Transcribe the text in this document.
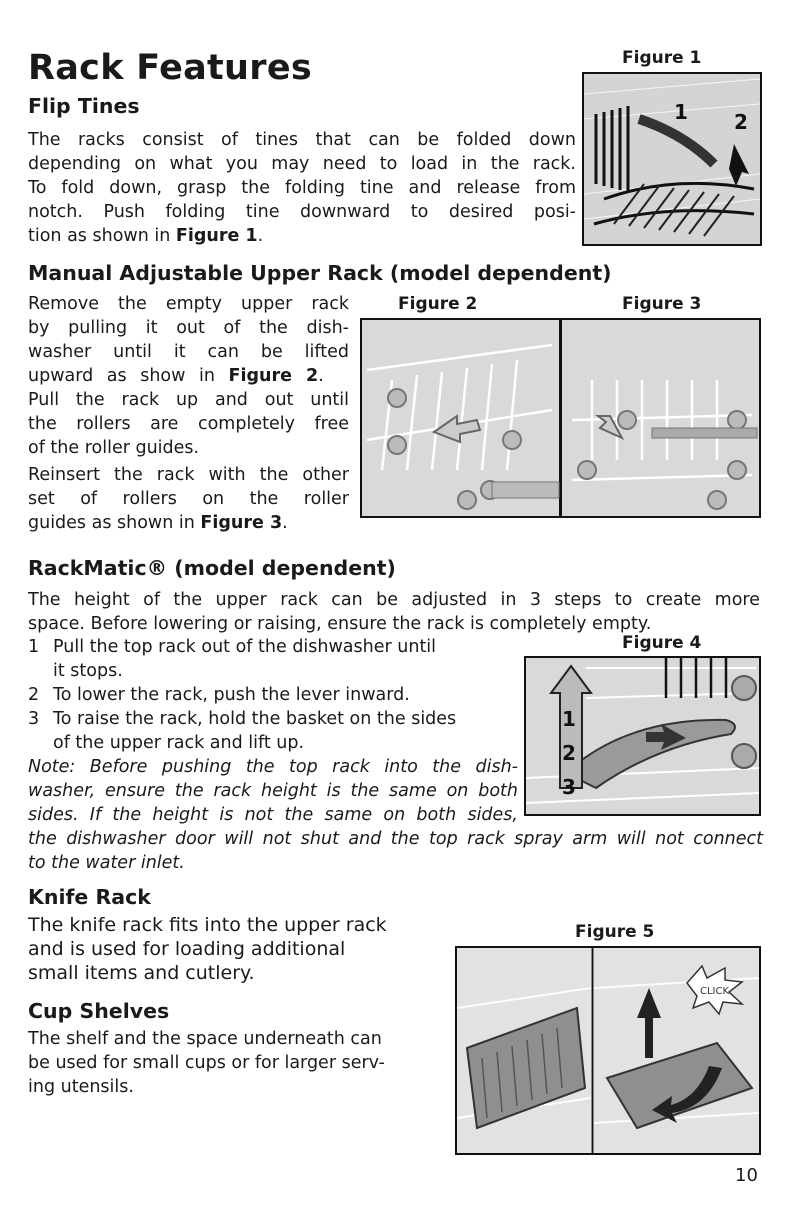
Rack Features
Flip Tines
The racks consist of tines that can be folded down
depending on what you may need to load in the rack.
To fold down, grasp the folding tine and release from
notch. Push folding tine downward to desired posi-
tion as shown in Figure 1.
Figure 1
1 2
Manual Adjustable Upper Rack (model dependent)
Remove the empty upper rack
by pulling it out of the dish-
washer until it can be lifted
upward as show in Figure 2.
Pull the rack up and out until
the rollers are completely free
of the roller guides.
Reinsert the rack with the other
set of rollers on the roller
guides as shown in Figure 3.
Figure 2	Figure 3
RackMatic® (model dependent)
The height of the upper rack can be adjusted in 3 steps to create more
space. Before lowering or raising, ensure the rack is completely empty.
1 Pull the top rack out of the dishwasher until
it stops.
2 To lower the rack, push the lever inward.
3 To raise the rack, hold the basket on the sides
of the upper rack and lift up.
Note: Before pushing the top rack into the dish-
washer, ensure the rack height is the same on both
sides. If the height is not the same on both sides,
the dishwasher door will not shut and the top rack spray arm will not connect
to the water inlet.
Figure 4
1
2
3
Knife Rack
The knife rack fits into the upper rack
and is used for loading additional
small items and cutlery.
Cup Shelves
The shelf and the space underneath can
be used for small cups or for larger serv-
ing utensils.
Figure 5
CLICK
10
